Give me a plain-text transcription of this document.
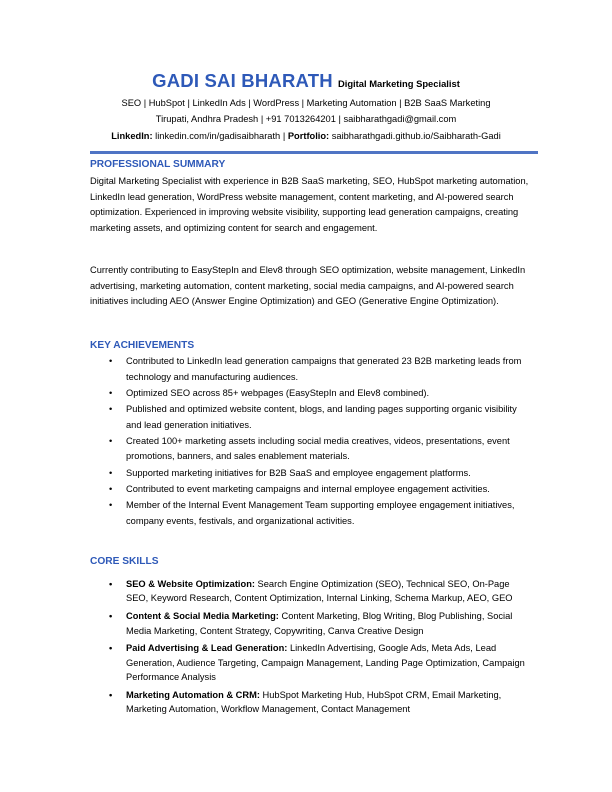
GADI SAI BHARATH Digital Marketing Specialist
SEO | HubSpot | LinkedIn Ads | WordPress | Marketing Automation | B2B SaaS Marketing
Tirupati, Andhra Pradesh | +91 7013264201 | saibharathgadi@gmail.com
LinkedIn: linkedin.com/in/gadisaibharath | Portfolio: saibharathgadi.github.io/Saibharath-Gadi
PROFESSIONAL SUMMARY
Digital Marketing Specialist with experience in B2B SaaS marketing, SEO, HubSpot marketing automation, LinkedIn lead generation, WordPress website management, content marketing, and AI-powered search optimization. Experienced in improving website visibility, supporting lead generation campaigns, creating marketing assets, and optimizing content for search and engagement.
Currently contributing to EasyStepIn and Elev8 through SEO optimization, website management, LinkedIn advertising, marketing automation, content marketing, social media campaigns, and AI-powered search initiatives including AEO (Answer Engine Optimization) and GEO (Generative Engine Optimization).
KEY ACHIEVEMENTS
• Contributed to LinkedIn lead generation campaigns that generated 23 B2B marketing leads from technology and manufacturing audiences.
• Optimized SEO across 85+ webpages (EasyStepIn and Elev8 combined).
• Published and optimized website content, blogs, and landing pages supporting organic visibility and lead generation initiatives.
• Created 100+ marketing assets including social media creatives, videos, presentations, event promotions, banners, and sales enablement materials.
• Supported marketing initiatives for B2B SaaS and employee engagement platforms.
• Contributed to event marketing campaigns and internal employee engagement activities.
• Member of the Internal Event Management Team supporting employee engagement initiatives, company events, festivals, and organizational activities.
CORE SKILLS
• SEO & Website Optimization: Search Engine Optimization (SEO), Technical SEO, On-Page SEO, Keyword Research, Content Optimization, Internal Linking, Schema Markup, AEO, GEO
• Content & Social Media Marketing: Content Marketing, Blog Writing, Blog Publishing, Social Media Marketing, Content Strategy, Copywriting, Canva Creative Design
• Paid Advertising & Lead Generation: LinkedIn Advertising, Google Ads, Meta Ads, Lead Generation, Audience Targeting, Campaign Management, Landing Page Optimization, Campaign Performance Analysis
• Marketing Automation & CRM: HubSpot Marketing Hub, HubSpot CRM, Email Marketing, Marketing Automation, Workflow Management, Contact Management
